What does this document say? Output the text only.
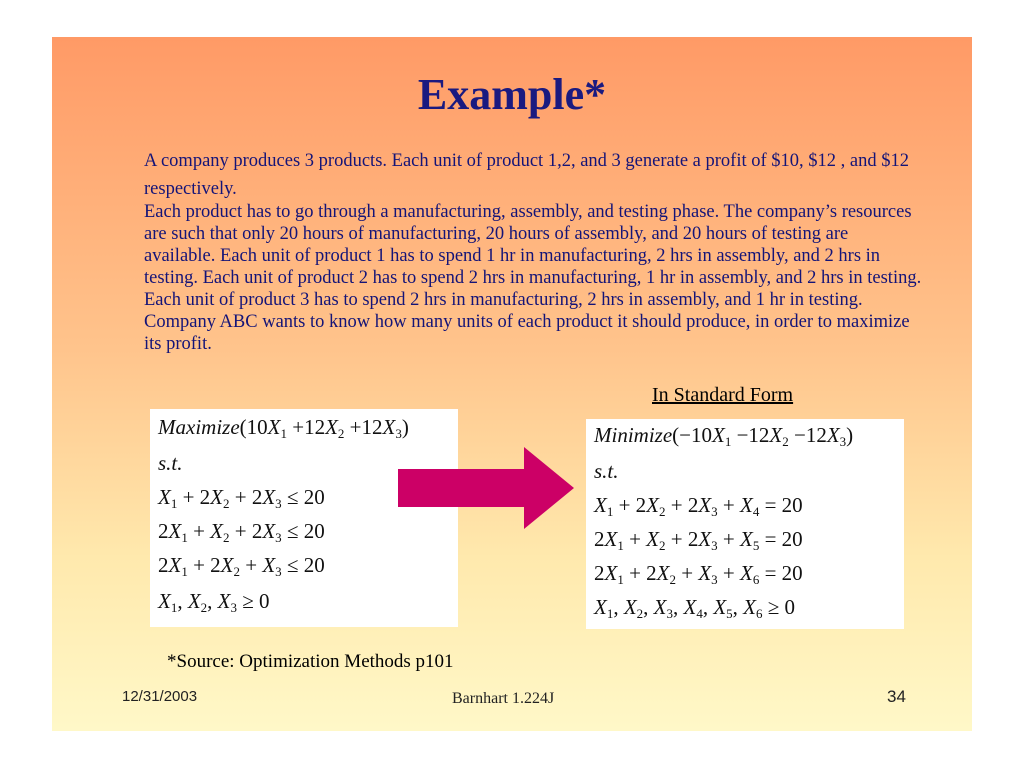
Example*
A company produces 3 products. Each unit of product 1,2, and 3 generate a profit of $10, $12 , and $12 respectively.
Each product has to go through a manufacturing, assembly, and testing phase. The company’s resources are such that only 20 hours of manufacturing, 20 hours of assembly, and 20 hours of testing are available. Each unit of product 1 has to spend 1 hr in manufacturing, 2 hrs in assembly, and 2 hrs in testing. Each unit of product 2 has to spend 2 hrs in manufacturing, 1 hr in assembly, and 2 hrs in testing. Each unit of product 3 has to spend 2 hrs in manufacturing, 2 hrs in assembly, and 1 hr in testing. Company ABC wants to know how many units of each product it should produce, in order to maximize its profit.
In Standard Form
$Maximize(10X_1 +12X_2 +12X_3)$
s.t.
$X_1 + 2X_2 + 2X_3 \le 20$
$2X_1 + X_2 + 2X_3 \le 20$
$2X_1 + 2X_2 + X_3 \le 20$
$X_1$, $X_2$, $X_3 \ge 0$
$Minimize(-10X_1 -12X_2 -12X_3)$
s.t.
$X_1 + 2X_2 + 2X_3 + X_4 = 20$
$2X_1 + X_2 + 2X_3 + X_5 = 20$
$2X_1 + 2X_2 + X_3 + X_6 = 20$
$X_1$, $X_2$, $X_3$, $X_4$, $X_5$, $X_6 \ge 0$
*Source: Optimization Methods p101
12/31/2003	Barnhart 1.224J	34
